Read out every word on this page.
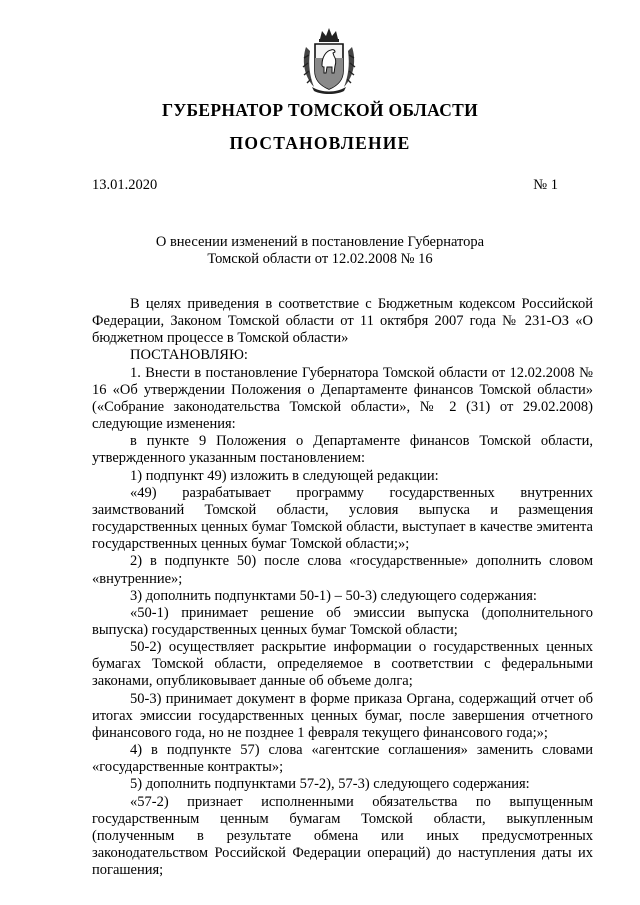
ГУБЕРНАТОР ТОМСКОЙ ОБЛАСТИ
ПОСТАНОВЛЕНИЕ
13.01.2020	№ 1
О внесении изменений в постановление Губернатора
Томской области от 12.02.2008 № 16

В целях приведения в соответствие с Бюджетным кодексом Российской Федерации, Законом Томской области от 11 октября 2007 года № 231-ОЗ «О бюджетном процессе в Томской области»

ПОСТАНОВЛЯЮ:

1. Внести в постановление Губернатора Томской области от 12.02.2008 № 16 «Об утверждении Положения о Департаменте финансов Томской области» («Собрание законодательства Томской области», № 2 (31) от 29.02.2008) следующие изменения:

в пункте 9 Положения о Департаменте финансов Томской области, утвержденного указанным постановлением:

1) подпункт 49) изложить в следующей редакции:

«49) разрабатывает программу государственных внутренних заимствований Томской области, условия выпуска и размещения государственных ценных бумаг Томской области, выступает в качестве эмитента государственных ценных бумаг Томской области;»;

2) в подпункте 50) после слова «государственные» дополнить словом «внутренние»;

3) дополнить подпунктами 50-1) – 50-3) следующего содержания:

«50-1) принимает решение об эмиссии выпуска (дополнительного выпуска) государственных ценных бумаг Томской области;

50-2) осуществляет раскрытие информации о государственных ценных бумагах Томской области, определяемое в соответствии с федеральными законами, опубликовывает данные об объеме долга;

50-3) принимает документ в форме приказа Органа, содержащий отчет об итогах эмиссии государственных ценных бумаг, после завершения отчетного финансового года, но не позднее 1 февраля текущего финансового года;»;

4) в подпункте 57) слова «агентские соглашения» заменить словами «государственные контракты»;

5) дополнить подпунктами 57-2), 57-3) следующего содержания:

«57-2) признает исполненными обязательства по выпущенным государственным ценным бумагам Томской области, выкупленным (полученным в результате обмена или иных предусмотренных законодательством Российской Федерации операций) до наступления даты их погашения;
